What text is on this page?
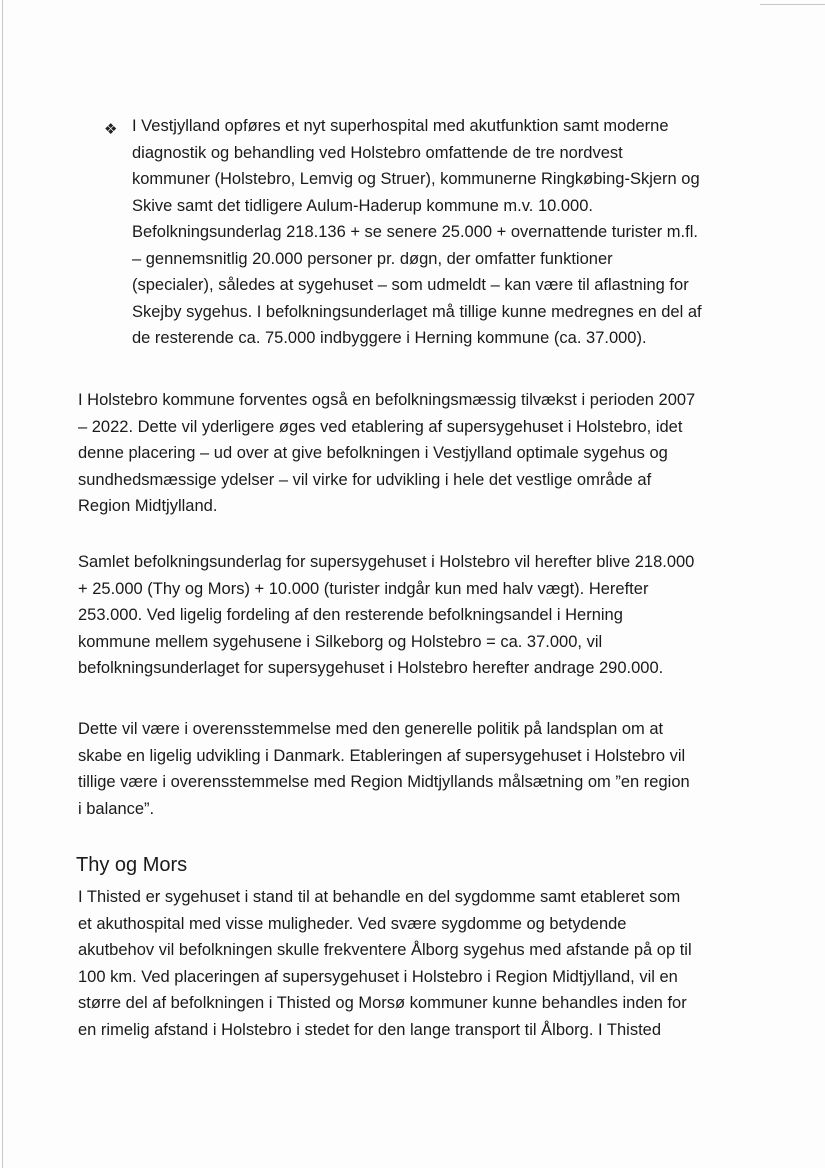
❖ I Vestjylland opføres et nyt superhospital med akutfunktion samt moderne
diagnostik og behandling ved Holstebro omfattende de tre nordvest
kommuner (Holstebro, Lemvig og Struer), kommunerne Ringkøbing-Skjern og
Skive samt det tidligere Aulum-Haderup kommune m.v. 10.000.
Befolkningsunderlag 218.136 + se senere 25.000 + overnattende turister m.fl.
– gennemsnitlig 20.000 personer pr. døgn, der omfatter funktioner
(specialer), således at sygehuset – som udmeldt – kan være til aflastning for
Skejby sygehus. I befolkningsunderlaget må tillige kunne medregnes en del af
de resterende ca. 75.000 indbyggere i Herning kommune (ca. 37.000).
I Holstebro kommune forventes også en befolkningsmæssig tilvækst i perioden 2007
– 2022. Dette vil yderligere øges ved etablering af supersygehuset i Holstebro, idet
denne placering – ud over at give befolkningen i Vestjylland optimale sygehus og
sundhedsmæssige ydelser – vil virke for udvikling i hele det vestlige område af
Region Midtjylland.
Samlet befolkningsunderlag for supersygehuset i Holstebro vil herefter blive 218.000
+ 25.000 (Thy og Mors) + 10.000 (turister indgår kun med halv vægt). Herefter
253.000. Ved ligelig fordeling af den resterende befolkningsandel i Herning
kommune mellem sygehusene i Silkeborg og Holstebro = ca. 37.000, vil
befolkningsunderlaget for supersygehuset i Holstebro herefter andrage 290.000.
Dette vil være i overensstemmelse med den generelle politik på landsplan om at
skabe en ligelig udvikling i Danmark. Etableringen af supersygehuset i Holstebro vil
tillige være i overensstemmelse med Region Midtjyllands målsætning om ”en region
i balance”.
Thy og Mors
I Thisted er sygehuset i stand til at behandle en del sygdomme samt etableret som
et akuthospital med visse muligheder. Ved svære sygdomme og betydende
akutbehov vil befolkningen skulle frekventere Ålborg sygehus med afstande på op til
100 km. Ved placeringen af supersygehuset i Holstebro i Region Midtjylland, vil en
større del af befolkningen i Thisted og Morsø kommuner kunne behandles inden for
en rimelig afstand i Holstebro i stedet for den lange transport til Ålborg. I Thisted
